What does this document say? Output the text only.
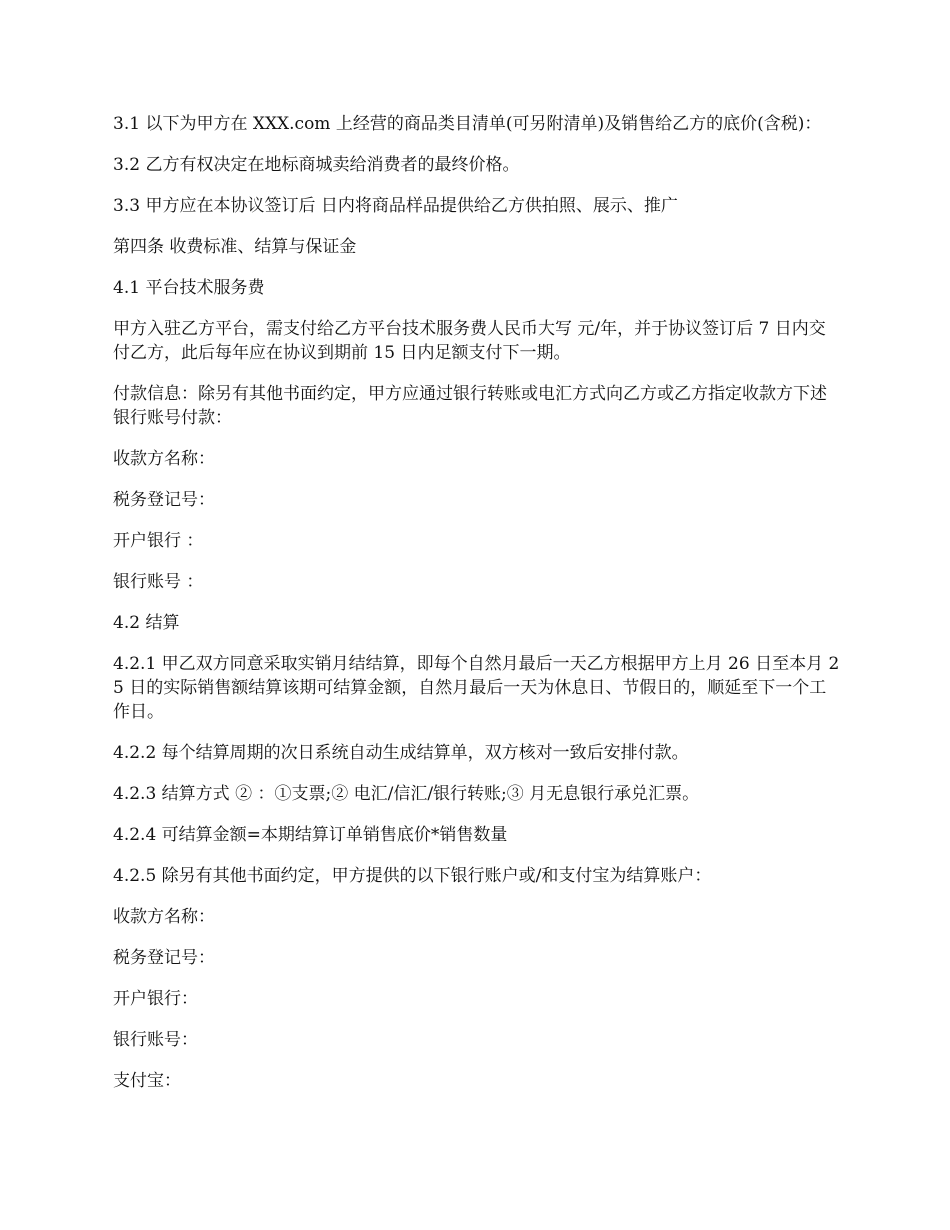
3.1 以下为甲方在 XXX.com 上经营的商品类目清单(可另附清单)及销售给乙方的底价(含税)：

3.2 乙方有权决定在地标商城卖给消费者的最终价格。

3.3 甲方应在本协议签订后 日内将商品样品提供给乙方供拍照、展示、推广

第四条 收费标准、结算与保证金

4.1 平台技术服务费

甲方入驻乙方平台，需支付给乙方平台技术服务费人民币大写 元/年，并于协议签订后 7 日内交付乙方，此后每年应在协议到期前 15 日内足额支付下一期。

付款信息：除另有其他书面约定，甲方应通过银行转账或电汇方式向乙方或乙方指定收款方下述银行账号付款：

收款方名称：

税务登记号：

开户银行 ：

银行账号 ：

4.2 结算

4.2.1 甲乙双方同意采取实销月结结算，即每个自然月最后一天乙方根据甲方上月 26 日至本月 25 日的实际销售额结算该期可结算金额，自然月最后一天为休息日、节假日的，顺延至下一个工作日。

4.2.2 每个结算周期的次日系统自动生成结算单，双方核对一致后安排付款。

4.2.3 结算方式 ② ：①支票;② 电汇/信汇/银行转账;③ 月无息银行承兑汇票。

4.2.4 可结算金额=本期结算订单销售底价*销售数量

4.2.5 除另有其他书面约定，甲方提供的以下银行账户或/和支付宝为结算账户：

收款方名称：

税务登记号：

开户银行：

银行账号：

支付宝：
